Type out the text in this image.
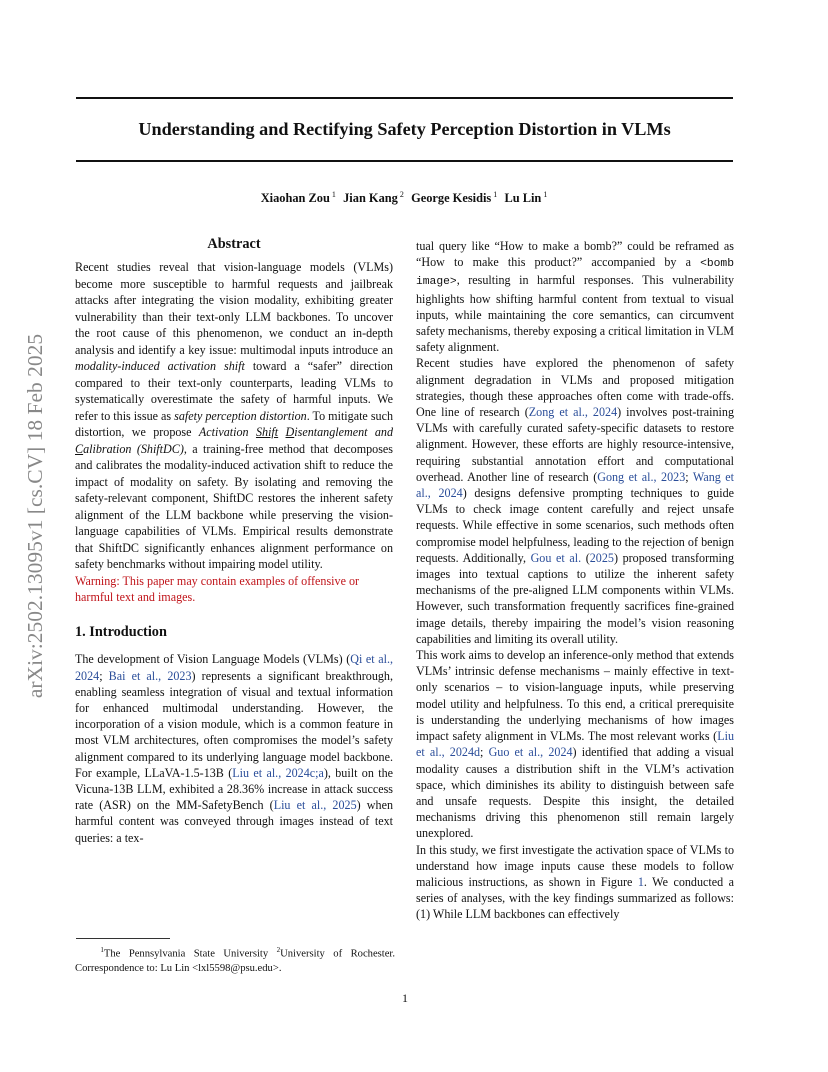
Understanding and Rectifying Safety Perception Distortion in VLMs
Xiaohan Zou $^1$ Jian Kang $^2$ George Kesidis $^1$ Lu Lin $^1$
arXiv:2502.13095v1 [cs.CV] 18 Feb 2025
Abstract

Recent studies reveal that vision-language models (VLMs) become more susceptible to harmful requests and jailbreak attacks after integrating the vision modality, exhibiting greater vulnerability than their text-only LLM backbones. To uncover the root cause of this phenomenon, we conduct an in-depth analysis and identify a key issue: multimodal inputs introduce an modality-induced activation shift toward a “safer” direction compared to their text-only counterparts, leading VLMs to systematically overestimate the safety of harmful inputs. We refer to this issue as safety perception distortion. To mitigate such distortion, we propose Activation Shift Disentanglement and Calibration (ShiftDC), a training-free method that decomposes and calibrates the modality-induced activation shift to reduce the impact of modality on safety. By isolating and removing the safety-relevant component, ShiftDC restores the inherent safety alignment of the LLM backbone while preserving the vision-language capabilities of VLMs. Empirical results demonstrate that ShiftDC significantly enhances alignment performance on safety benchmarks without impairing model utility.

Warning: This paper may contain examples of offensive or harmful text and images.

1. Introduction

The development of Vision Language Models (VLMs) (Qi et al., 2024; Bai et al., 2023) represents a significant breakthrough, enabling seamless integration of visual and textual information for enhanced multimodal understanding. However, the incorporation of a vision module, which is a common feature in most VLM architectures, often compromises the model’s safety alignment compared to its underlying language model backbone. For example, LLaVA-1.5-13B (Liu et al., 2024c;a), built on the Vicuna-13B LLM, exhibited a 28.36% increase in attack success rate (ASR) on the MM-SafetyBench (Liu et al., 2025) when harmful content was conveyed through images instead of text queries: a tex-

tual query like “How to make a bomb?” could be reframed as “How to make this product?” accompanied by a <bomb image>, resulting in harmful responses. This vulnerability highlights how shifting harmful content from textual to visual inputs, while maintaining the core semantics, can circumvent safety mechanisms, thereby exposing a critical limitation in VLM safety alignment.

Recent studies have explored the phenomenon of safety alignment degradation in VLMs and proposed mitigation strategies, though these approaches often come with trade-offs. One line of research (Zong et al., 2024) involves post-training VLMs with carefully curated safety-specific datasets to restore alignment. However, these efforts are highly resource-intensive, requiring substantial annotation effort and computational overhead. Another line of research (Gong et al., 2023; Wang et al., 2024) designs defensive prompting techniques to guide VLMs to check image content carefully and reject unsafe requests. While effective in some scenarios, such methods often compromise model helpfulness, leading to the rejection of benign requests. Additionally, Gou et al. (2025) proposed transforming images into textual captions to utilize the inherent safety mechanisms of the pre-aligned LLM components within VLMs. However, such transformation frequently sacrifices fine-grained image details, thereby impairing the model’s vision reasoning capabilities and limiting its overall utility.

This work aims to develop an inference-only method that extends VLMs’ intrinsic defense mechanisms – mainly effective in text-only scenarios – to vision-language inputs, while preserving model utility and helpfulness. To this end, a critical prerequisite is understanding the underlying mechanisms of how images impact safety alignment in VLMs. The most relevant works (Liu et al., 2024d; Guo et al., 2024) identified that adding a visual modality causes a distribution shift in the VLM’s activation space, which diminishes its ability to distinguish between safe and unsafe requests. Despite this insight, the detailed mechanisms driving this phenomenon still remain largely unexplored.

In this study, we first investigate the activation space of VLMs to understand how image inputs cause these models to follow malicious instructions, as shown in Figure 1. We conducted a series of analyses, with the key findings summarized as follows: (1) While LLM backbones can effectively

$^1$The Pennsylvania State University $^2$University of Rochester. Correspondence to: Lu Lin <lxl5598@psu.edu>.
1
